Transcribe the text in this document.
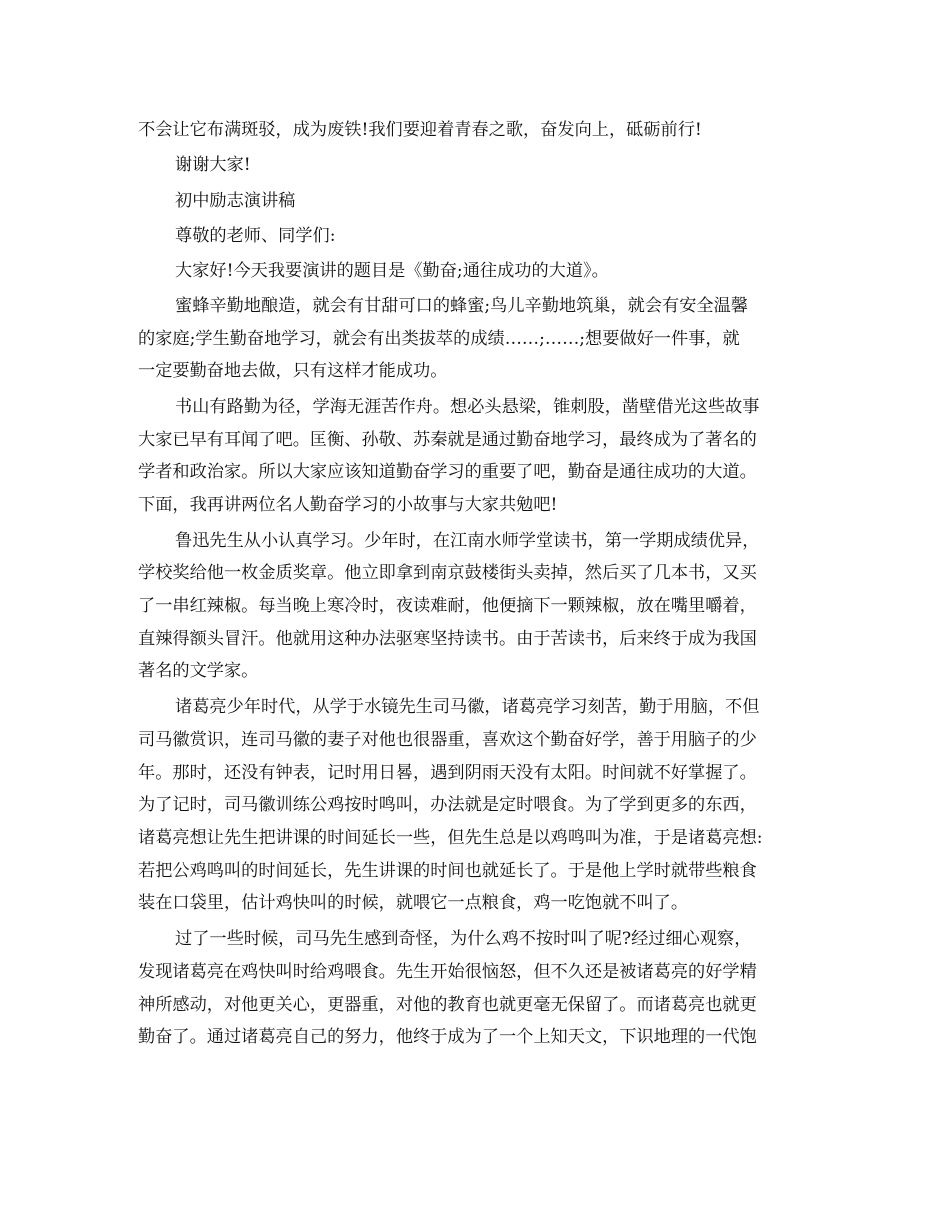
不会让它布满斑驳，成为废铁!我们要迎着青春之歌，奋发向上，砥砺前行!
谢谢大家!
初中励志演讲稿
尊敬的老师、同学们:
大家好!今天我要演讲的题目是《勤奋;通往成功的大道》。
蜜蜂辛勤地酿造，就会有甘甜可口的蜂蜜;鸟儿辛勤地筑巢，就会有安全温馨
的家庭;学生勤奋地学习，就会有出类拔萃的成绩……;……;想要做好一件事，就
一定要勤奋地去做，只有这样才能成功。
书山有路勤为径，学海无涯苦作舟。想必头悬梁，锥刺股，凿壁借光这些故事
大家已早有耳闻了吧。匡衡、孙敬、苏秦就是通过勤奋地学习，最终成为了著名的
学者和政治家。所以大家应该知道勤奋学习的重要了吧，勤奋是通往成功的大道。
下面，我再讲两位名人勤奋学习的小故事与大家共勉吧!
鲁迅先生从小认真学习。少年时，在江南水师学堂读书，第一学期成绩优异，
学校奖给他一枚金质奖章。他立即拿到南京鼓楼街头卖掉，然后买了几本书，又买
了一串红辣椒。每当晚上寒冷时，夜读难耐，他便摘下一颗辣椒，放在嘴里嚼着，
直辣得额头冒汗。他就用这种办法驱寒坚持读书。由于苦读书，后来终于成为我国
著名的文学家。
诸葛亮少年时代，从学于水镜先生司马徽，诸葛亮学习刻苦，勤于用脑，不但
司马徽赏识，连司马徽的妻子对他也很器重，喜欢这个勤奋好学，善于用脑子的少
年。那时，还没有钟表，记时用日晷，遇到阴雨天没有太阳。时间就不好掌握了。
为了记时，司马徽训练公鸡按时鸣叫，办法就是定时喂食。为了学到更多的东西，
诸葛亮想让先生把讲课的时间延长一些，但先生总是以鸡鸣叫为准，于是诸葛亮想:
若把公鸡鸣叫的时间延长，先生讲课的时间也就延长了。于是他上学时就带些粮食
装在口袋里，估计鸡快叫的时候，就喂它一点粮食，鸡一吃饱就不叫了。
过了一些时候，司马先生感到奇怪，为什么鸡不按时叫了呢?经过细心观察，
发现诸葛亮在鸡快叫时给鸡喂食。先生开始很恼怒，但不久还是被诸葛亮的好学精
神所感动，对他更关心，更器重，对他的教育也就更毫无保留了。而诸葛亮也就更
勤奋了。通过诸葛亮自己的努力，他终于成为了一个上知天文，下识地理的一代饱
